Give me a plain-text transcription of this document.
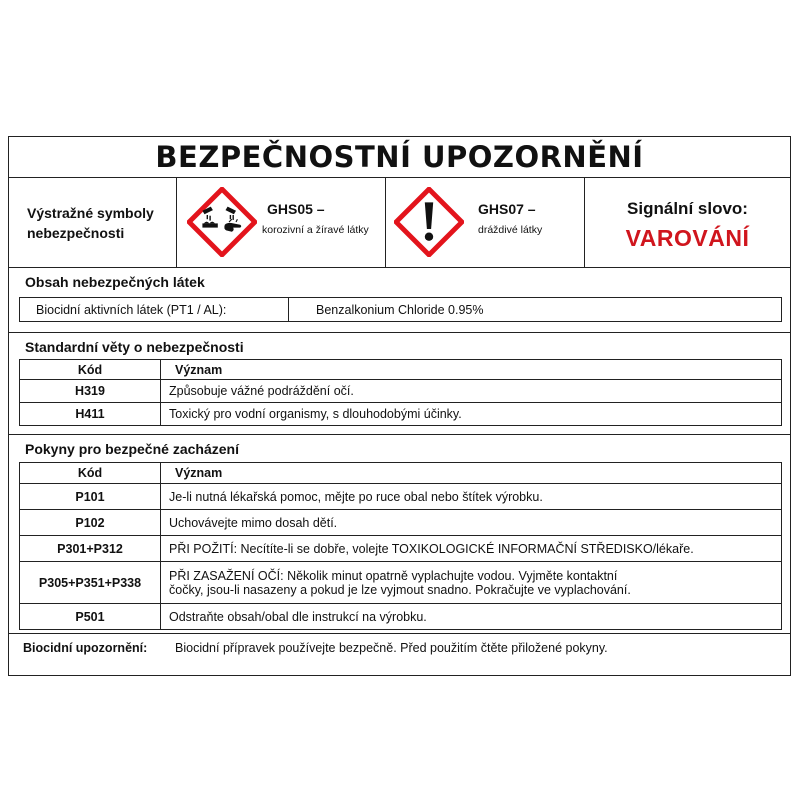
BEZPEČNOSTNÍ UPOZORNĚNÍ
Výstražné symboly
nebezpečnosti
GHS05 –
korozivní a žíravé látky
GHS07 –
dráždivé látky
Signální slovo:
VAROVÁNÍ
Obsah nebezpečných látek
Biocidní aktivních látek (PT1 / AL):	Benzalkonium Chloride 0.95%
Standardní věty o nebezpečnosti
Kód	Význam
H319	Způsobuje vážné podráždění očí.
H411	Toxický pro vodní organismy, s dlouhodobými účinky.
Pokyny pro bezpečné zacházení
Kód	Význam
P101	Je-li nutná lékařská pomoc, mějte po ruce obal nebo štítek výrobku.
P102	Uchovávejte mimo dosah dětí.
P301+P312	PŘI POŽITÍ: Necítíte-li se dobře, volejte TOXIKOLOGICKÉ INFORMAČNÍ STŘEDISKO/lékaře.
P305+P351+P338	PŘI ZASAŽENÍ OČÍ: Několik minut opatrně vyplachujte vodou. Vyjměte kontaktní
čočky, jsou-li nasazeny a pokud je lze vyjmout snadno. Pokračujte ve vyplachování.

P501	Odstraňte obsah/obal dle instrukcí na výrobku.
Biocidní upozornění: Biocidní přípravek používejte bezpečně. Před použitím čtěte přiložené pokyny.
